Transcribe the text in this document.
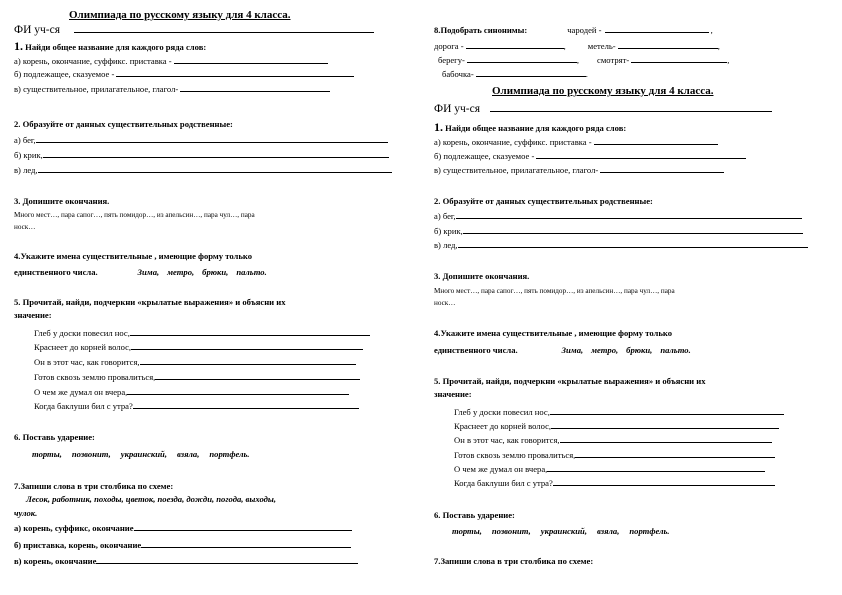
Олимпиада по русскому языку для 4 класса.
ФИ уч-ся
1. Найди общее название для каждого ряда слов:
а) корень, окончание, суффикс. приставка -
б) подлежащее, сказуемое -
в) существительное, прилагательное, глагол-
2. Образуйте от данных существительных родственные:
а) бег,
б) крик,
в) лед,
3. Допишите окончания.
Много мест…, пара сапог…, пять помидор…, из апельсин…, пара чул…, пара
носк…
4.Укажите имена существительные , имеющие форму только
единственного числа.	Зима, метро, брюки, пальто.
5. Прочитай, найди, подчеркни «крылатые выражения» и объясни их
значение:
Глеб у доски повесил нос,
Краснеет до корней волос,
Он в этот час, как говорится,
Готов сквозь землю провалиться,
О чем же думал он вчера,
Когда баклуши бил с утра?
6. Поставь ударение:
торты, позвонит, украинский, взяла, портфель.
7.Запиши слова в три столбика по схеме:
Лесок, работник, походы, цветок, поезда, дожди, погода, выходы,
чулок.
а) корень, суффикс, окончание
б) приставка, корень, окончание
в) корень, окончание
8.Подобрать синонимы:	чародей -	,
дорога -	,	метель-	,
берегу-	, смотрят-	,
бабочка-	.
Олимпиада по русскому языку для 4 класса.
ФИ уч-ся
1. Найди общее название для каждого ряда слов:
а) корень, окончание, суффикс. приставка -
б) подлежащее, сказуемое -
в) существительное, прилагательное, глагол-
2. Образуйте от данных существительных родственные:
а) бег,
б) крик,
в) лед,
3. Допишите окончания.
Много мест…, пара сапог…, пять помидор…, из апельсин…, пара чул…, пара
носк…
4.Укажите имена существительные , имеющие форму только
единственного числа.	Зима, метро, брюки, пальто.
5. Прочитай, найди, подчеркни «крылатые выражения» и объясни их
значение:
Глеб у доски повесил нос,
Краснеет до корней волос,
Он в этот час, как говорится,
Готов сквозь землю провалиться,
О чем же думал он вчера,
Когда баклуши бил с утра?
6. Поставь ударение:
торты, позвонит, украинский, взяла, портфель.
7.Запиши слова в три столбика по схеме:
